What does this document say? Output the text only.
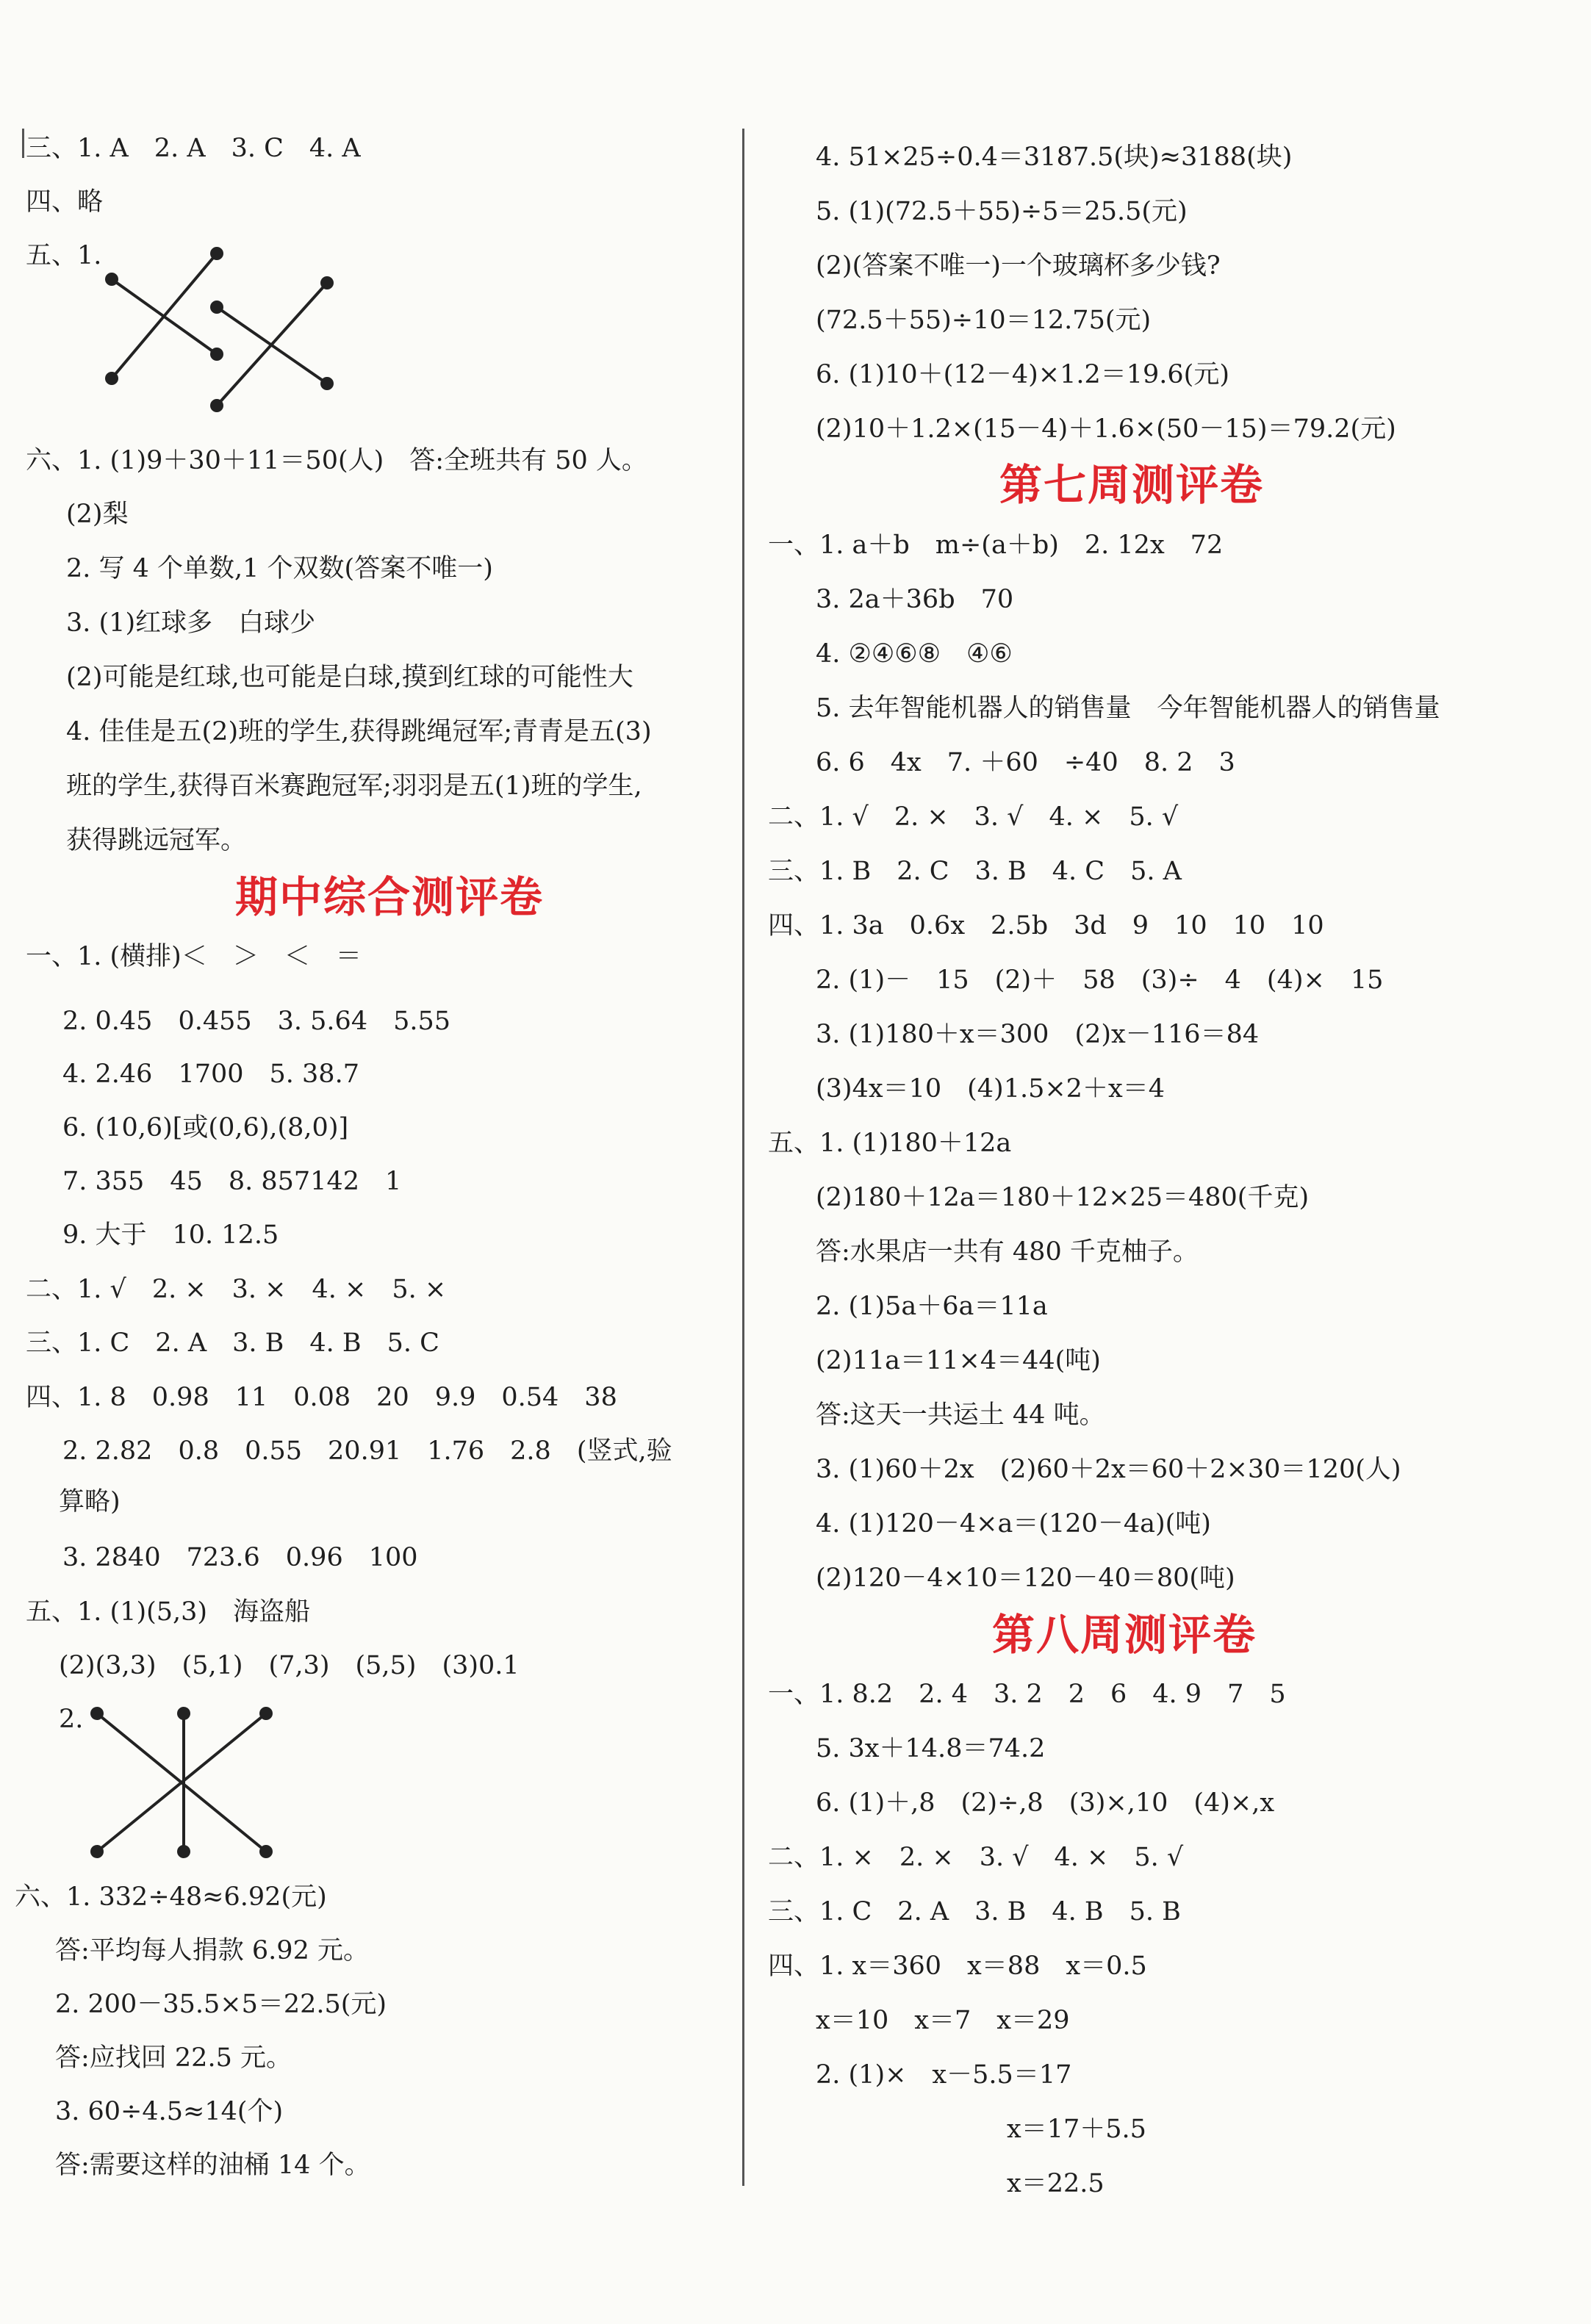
期中综合测评卷
三、1. A　2. A　3. C　4. A
四、略
五、1.
六、1. (1)9＋30＋11＝50(人)　答:全班共有 50 人。
(2)梨
2. 写 4 个单数,1 个双数(答案不唯一)
3. (1)红球多　白球少
(2)可能是红球,也可能是白球,摸到红球的可能性大
4. 佳佳是五(2)班的学生,获得跳绳冠军;青青是五(3)
班的学生,获得百米赛跑冠军;羽羽是五(1)班的学生,
获得跳远冠军。
一、1. (横排)＜　＞　＜　＝
2. 0.45　0.455　3. 5.64　5.55
4. 2.46　1700　5. 38.7
6. (10,6)[或(0,6),(8,0)]
7. 355　45　8. 857142　1
9. 大于　10. 12.5
二、1. √　2. ×　3. ×　4. ×　5. ×
三、1. C　2. A　3. B　4. B　5. C
四、1. 8　0.98　11　0.08　20　9.9　0.54　38
2. 2.82　0.8　0.55　20.91　1.76　2.8　(竖式,验
算略)
3. 2840　723.6　0.96　100
五、1. (1)(5,3)　海盗船
(2)(3,3)　(5,1)　(7,3)　(5,5)　(3)0.1
2.
六、1. 332÷48≈6.92(元)
答:平均每人捐款 6.92 元。
2. 200－35.5×5＝22.5(元)
答:应找回 22.5 元。
3. 60÷4.5≈14(个)
答:需要这样的油桶 14 个。
4. 51×25÷0.4＝3187.5(块)≈3188(块)
5. (1)(72.5＋55)÷5＝25.5(元)
(2)(答案不唯一)一个玻璃杯多少钱?
(72.5＋55)÷10＝12.75(元)
6. (1)10＋(12－4)×1.2＝19.6(元)
(2)10＋1.2×(15－4)＋1.6×(50－15)＝79.2(元)
一、1. a＋b　m÷(a＋b)　2. 12x　72
3. 2a＋36b　70
4. ②④⑥⑧　④⑥
5. 去年智能机器人的销售量　今年智能机器人的销售量
6. 6　4x　7. ＋60　÷40　8. 2　3
二、1. √　2. ×　3. √　4. ×　5. √
三、1. B　2. C　3. B　4. C　5. A
四、1. 3a　0.6x　2.5b　3d　9　10　10　10
2. (1)－　15　(2)＋　58　(3)÷　4　(4)×　15
3. (1)180＋x＝300　(2)x－116＝84
(3)4x＝10　(4)1.5×2＋x＝4
五、1. (1)180＋12a
(2)180＋12a＝180＋12×25＝480(千克)
答:水果店一共有 480 千克柚子。
2. (1)5a＋6a＝11a
(2)11a＝11×4＝44(吨)
答:这天一共运土 44 吨。
3. (1)60＋2x　(2)60＋2x＝60＋2×30＝120(人)
4. (1)120－4×a＝(120－4a)(吨)
(2)120－4×10＝120－40＝80(吨)
一、1. 8.2　2. 4　3. 2　2　6　4. 9　7　5
5. 3x＋14.8＝74.2
6. (1)＋,8　(2)÷,8　(3)×,10　(4)×,x
二、1. ×　2. ×　3. √　4. ×　5. √
三、1. C　2. A　3. B　4. B　5. B
四、1. x＝360　x＝88　x＝0.5
x＝10　x＝7　x＝29
2. (1)×　x－5.5＝17
x＝17＋5.5
x＝22.5
第七周测评卷
第八周测评卷
